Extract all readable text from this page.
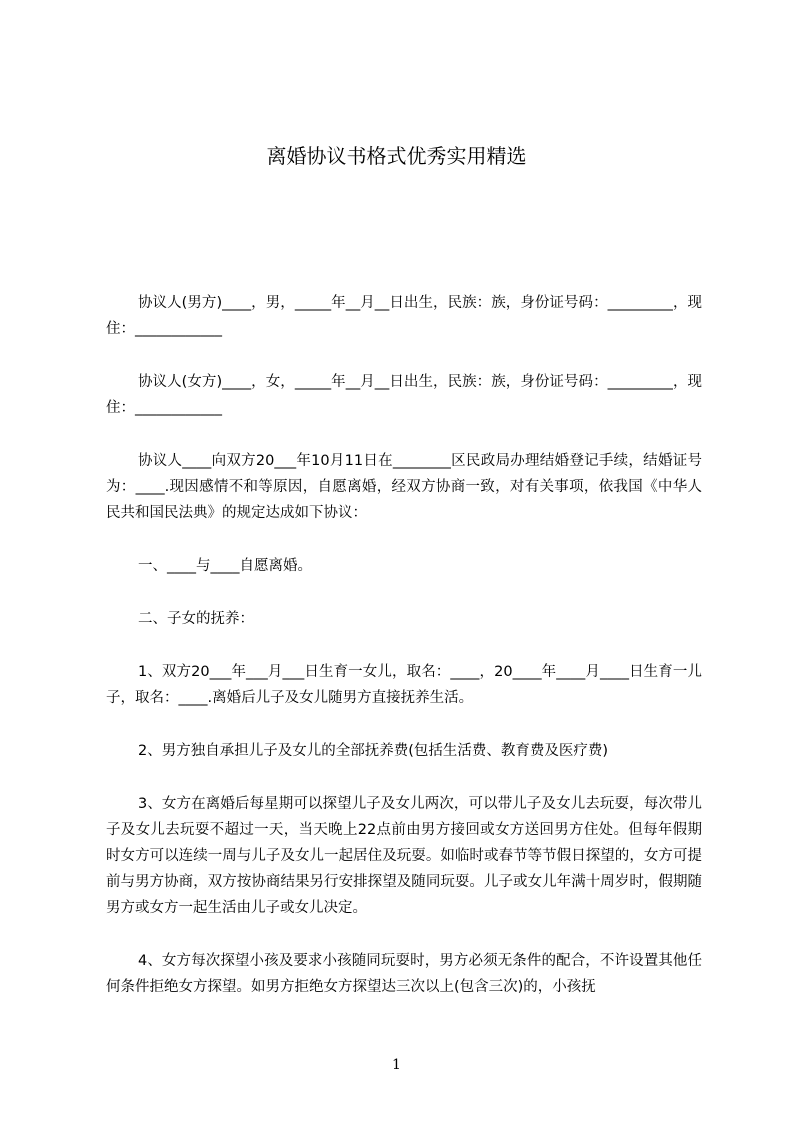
离婚协议书格式优秀实用精选

协议人(男方)____，男，_____年__月__日出生，民族：族，身份证号码：_________，现住：____________

协议人(女方)____，女，_____年__月__日出生，民族：族，身份证号码：_________，现住：____________

协议人____向双方20___年10月11日在________区民政局办理结婚登记手续，结婚证号为：____.现因感情不和等原因，自愿离婚，经双方协商一致，对有关事项，依我国《中华人民共和国民法典》的规定达成如下协议：

一、____与____自愿离婚。

二、子女的抚养：

1、双方20___年___月___日生育一女儿，取名：____，20____年____月____日生育一儿子，取名：____.离婚后儿子及女儿随男方直接抚养生活。

2、男方独自承担儿子及女儿的全部抚养费(包括生活费、教育费及医疗费)

3、女方在离婚后每星期可以探望儿子及女儿两次，可以带儿子及女儿去玩耍，每次带儿子及女儿去玩耍不超过一天，当天晚上22点前由男方接回或女方送回男方住处。但每年假期时女方可以连续一周与儿子及女儿一起居住及玩耍。如临时或春节等节假日探望的，女方可提前与男方协商，双方按协商结果另行安排探望及随同玩耍。儿子或女儿年满十周岁时，假期随男方或女方一起生活由儿子或女儿决定。

4、女方每次探望小孩及要求小孩随同玩耍时，男方必须无条件的配合，不许设置其他任何条件拒绝女方探望。如男方拒绝女方探望达三次以上(包含三次)的，小孩抚

1
